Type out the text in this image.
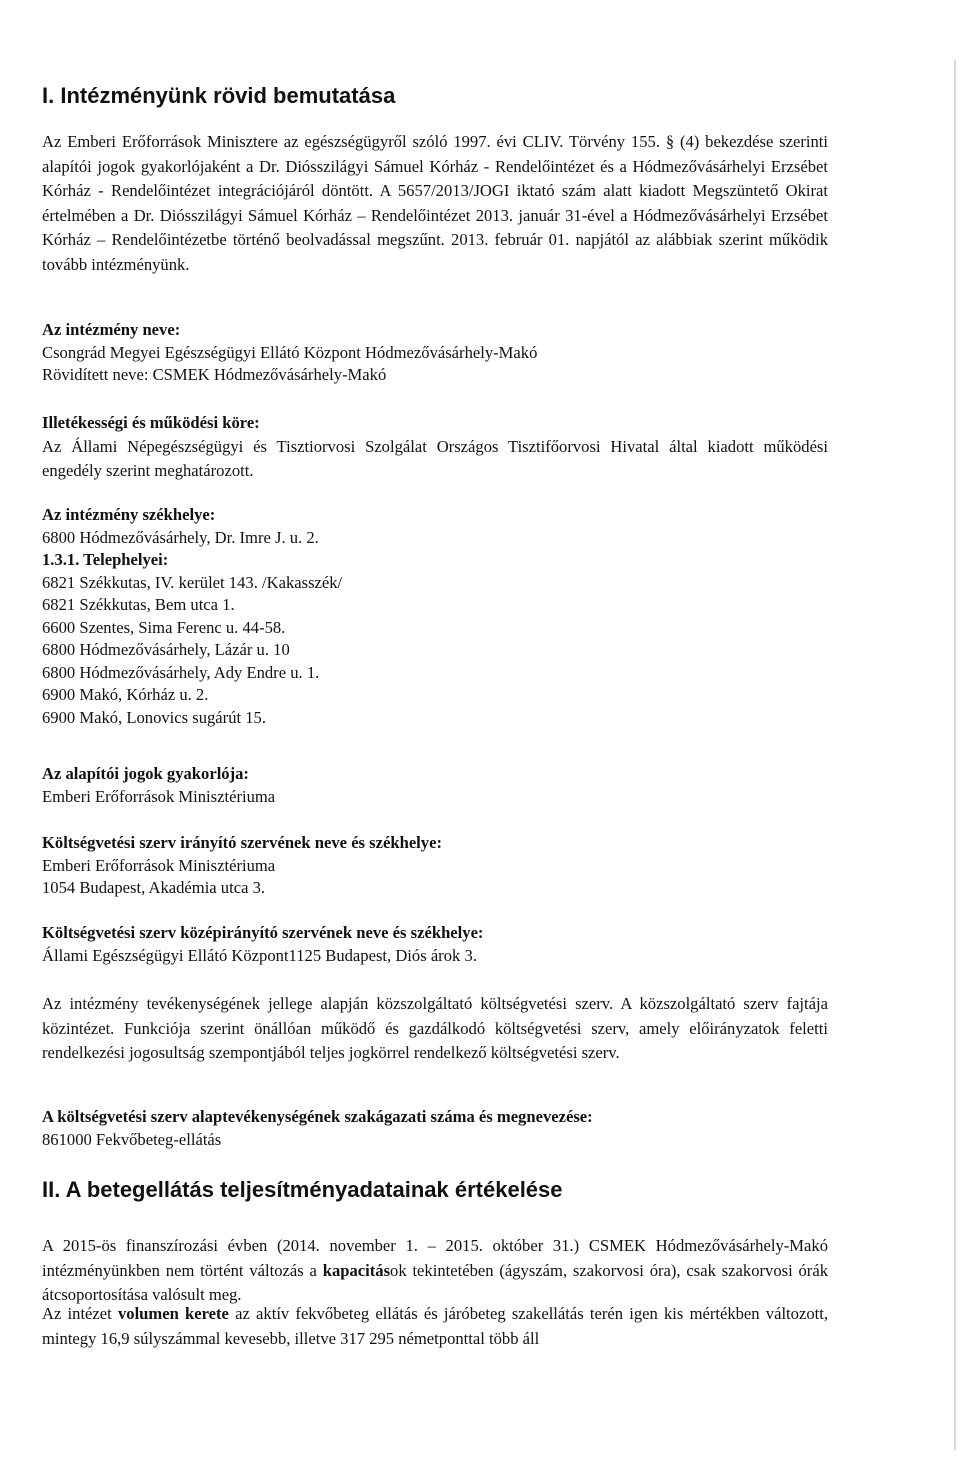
I. Intézményünk rövid bemutatása

Az Emberi Erőforrások Minisztere az egészségügyről szóló 1997. évi CLIV. Törvény 155. § (4) bekezdése szerinti alapítói jogok gyakorlójaként a Dr. Diósszilágyi Sámuel Kórház - Rendelőintézet és a Hódmezővásárhelyi Erzsébet Kórház - Rendelőintézet integrációjáról döntött. A 5657/2013/JOGI iktató szám alatt kiadott Megszüntető Okirat értelmében a Dr. Diósszilágyi Sámuel Kórház – Rendelőintézet 2013. január 31-ével a Hódmezővásárhelyi Erzsébet Kórház – Rendelőintézetbe történő beolvadással megszűnt. 2013. február 01. napjától az alábbiak szerint működik tovább intézményünk.

Az intézmény neve:
Csongrád Megyei Egészségügyi Ellátó Központ Hódmezővásárhely-Makó
Rövidített neve: CSMEK Hódmezővásárhely-Makó
Illetékességi és működési köre:

Az Állami Népegészségügyi és Tisztiorvosi Szolgálat Országos Tisztifőorvosi Hivatal által kiadott működési engedély szerint meghatározott.

Az intézmény székhelye:
6800 Hódmezővásárhely, Dr. Imre J. u. 2.
1.3.1. Telephelyei:
6821 Székkutas, IV. kerület 143. /Kakasszék/
6821 Székkutas, Bem utca 1.
6600 Szentes, Sima Ferenc u. 44-58.
6800 Hódmezővásárhely, Lázár u. 10
6800 Hódmezővásárhely, Ady Endre u. 1.
6900 Makó, Kórház u. 2.
6900 Makó, Lonovics sugárút 15.
Az alapítói jogok gyakorlója:
Emberi Erőforrások Minisztériuma
Költségvetési szerv irányító szervének neve és székhelye:
Emberi Erőforrások Minisztériuma
1054 Budapest, Akadémia utca 3.
Költségvetési szerv középirányító szervének neve és székhelye:
Állami Egészségügyi Ellátó Központ1125 Budapest, Diós árok 3.

Az intézmény tevékenységének jellege alapján közszolgáltató költségvetési szerv. A közszolgáltató szerv fajtája közintézet. Funkciója szerint önállóan működő és gazdálkodó költségvetési szerv, amely előirányzatok feletti rendelkezési jogosultság szempontjából teljes jogkörrel rendelkező költségvetési szerv.

A költségvetési szerv alaptevékenységének szakágazati száma és megnevezése:
861000 Fekvőbeteg-ellátás
II. A betegellátás teljesítményadatainak értékelése

A 2015-ös finanszírozási évben (2014. november 1. – 2015. október 31.) CSMEK Hódmezővásárhely-Makó intézményünkben nem történt változás a kapacitások tekintetében (ágyszám, szakorvosi óra), csak szakorvosi órák átcsoportosítása valósult meg.

Az intézet volumen kerete az aktív fekvőbeteg ellátás és járóbeteg szakellátás terén igen kis mértékben változott, mintegy 16,9 súlyszámmal kevesebb, illetve 317 295 németponttal több áll
